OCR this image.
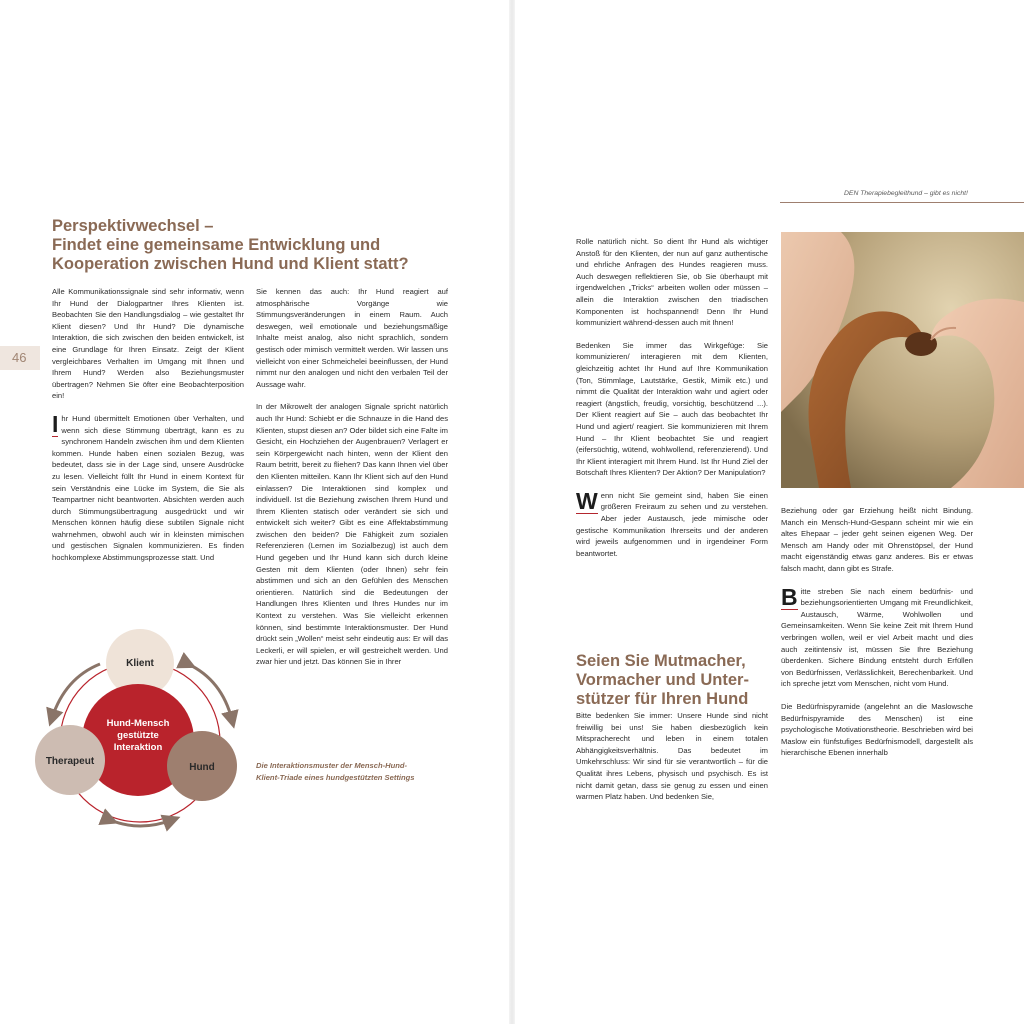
46
Perspektivwechsel –
Findet eine gemeinsame Entwicklung und
Kooperation zwischen Hund und Klient statt?

Alle Kommunikationssignale sind sehr informativ, wenn Ihr Hund der Dialogpartner Ihres Klienten ist. Beobachten Sie den Handlungsdialog – wie gestaltet Ihr Klient diesen? Und Ihr Hund? Die dynamische Interaktion, die sich zwischen den beiden entwickelt, ist eine Grundlage für Ihren Einsatz. Zeigt der Klient vergleichbares Verhalten im Umgang mit Ihnen und Ihrem Hund? Werden also Beziehungsmuster übertragen? Nehmen Sie öfter eine Beobachterposition ein!

I hr Hund übermittelt Emotionen über Verhalten, und wenn sich diese Stimmung überträgt, kann es zu synchronem Handeln zwischen ihm und dem Klienten kommen. Hunde haben einen sozialen Bezug, was bedeutet, dass sie in der Lage sind, unsere Ausdrücke zu lesen. Vielleicht füllt Ihr Hund in einem Kontext für sein Verständnis eine Lücke im System, die Sie als Teampartner nicht beantworten. Absichten werden auch durch Stimmungsübertragung ausgedrückt und wir Menschen können häufig diese subtilen Signale nicht wahrnehmen, obwohl auch wir in kleinsten mimischen und gestischen Signalen kommunizieren. Es finden hochkomplexe Abstimmungsprozesse statt. Und

Sie kennen das auch: Ihr Hund reagiert auf atmosphärische Vorgänge wie Stimmungsveränderungen in einem Raum. Auch deswegen, weil emotionale und beziehungsmäßige Inhalte meist analog, also nicht sprachlich, sondern gestisch oder mimisch vermittelt werden. Wir lassen uns vielleicht von einer Schmeichelei beeinflussen, der Hund nimmt nur den analogen und nicht den verbalen Teil der Aussage wahr.

In der Mikrowelt der analogen Signale spricht natürlich auch Ihr Hund: Schiebt er die Schnauze in die Hand des Klienten, stupst diesen an? Oder bildet sich eine Falte im Gesicht, ein Hochziehen der Augenbrauen? Verlagert er sein Körpergewicht nach hinten, wenn der Klient den Raum betritt, bereit zu fliehen? Das kann Ihnen viel über den Klienten mitteilen. Kann Ihr Klient sich auf den Hund einlassen? Die Interaktionen sind komplex und individuell. Ist die Beziehung zwischen Ihrem Hund und Ihrem Klienten statisch oder verändert sie sich und entwickelt sich weiter? Gibt es eine Affektabstimmung zwischen den beiden? Die Fähigkeit zum sozialen Referenzieren (Lernen im Sozialbezug) ist auch dem Hund gegeben und Ihr Hund kann sich durch kleine Gesten mit dem Klienten (oder Ihnen) sehr fein abstimmen und sich an den Gefühlen des Menschen orientieren. Natürlich sind die Bedeutungen der Handlungen Ihres Klienten und Ihres Hundes nur im Kontext zu verstehen. Was Sie vielleicht erkennen können, sind bestimmte Interaktionsmuster. Der Hund drückt sein „Wollen“ meist sehr eindeutig aus: Er will das Leckerli, er will spielen, er will gestreichelt werden. Und zwar hier und jetzt. Das können Sie in Ihrer

Klient
Hund-Mensch
gestützte
Interaktion
Therapeut
Hund	Die Interaktionsmuster der Mensch-Hund-Klient-Triade eines hundgestützten Settings
DEN Therapiebegleithund – gibt es nicht!

Rolle natürlich nicht. So dient Ihr Hund als wichtiger Anstoß für den Klienten, der nun auf ganz authentische und ehrliche Anfragen des Hundes reagieren muss. Auch deswegen reflektieren Sie, ob Sie überhaupt mit irgendwelchen „Tricks“ arbeiten wollen oder müssen – allein die Interaktion zwischen den triadischen Komponenten ist hochspannend! Denn Ihr Hund kommuniziert während-dessen auch mit Ihnen!

Bedenken Sie immer das Wirkgefüge: Sie kommunizieren/ interagieren mit dem Klienten, gleichzeitig achtet Ihr Hund auf Ihre Kommunikation (Ton, Stimmlage, Lautstärke, Gestik, Mimik etc.) und nimmt die Qualität der Interaktion wahr und agiert oder reagiert (ängstlich, freudig, vorsichtig, beschützend ...). Der Klient reagiert auf Sie – auch das beobachtet Ihr Hund und agiert/ reagiert. Sie kommunizieren mit Ihrem Hund – Ihr Klient beobachtet Sie und reagiert (eifersüchtig, wütend, wohlwollend, referenzierend). Und Ihr Klient interagiert mit Ihrem Hund. Ist Ihr Hund Ziel der Botschaft Ihres Klienten? Der Aktion? Der Manipulation?

W enn nicht Sie gemeint sind, haben Sie einen größeren Freiraum zu sehen und zu verstehen. Aber jeder Austausch, jede mimische oder gestische Kommunikation Ihrerseits und der anderen wird jeweils aufgenommen und in irgendeiner Form beantwortet.

Seien Sie Mutmacher,
Vormacher und Unter-
stützer für Ihren Hund

Bitte bedenken Sie immer: Unsere Hunde sind nicht freiwillig bei uns! Sie haben diesbezüglich kein Mitspracherecht und leben in einem totalen Abhängigkeitsverhältnis. Das bedeutet im Umkehrschluss: Wir sind für sie verantwortlich – für die Qualität ihres Lebens, physisch und psychisch. Es ist nicht damit getan, dass sie genug zu essen und einen warmen Platz haben. Und bedenken Sie,

Beziehung oder gar Erziehung heißt nicht Bindung. Manch ein Mensch-Hund-Gespann scheint mir wie ein altes Ehepaar – jeder geht seinen eigenen Weg. Der Mensch am Handy oder mit Ohrenstöpsel, der Hund macht eigenständig etwas ganz anderes. Bis er etwas falsch macht, dann gibt es Strafe.

B itte streben Sie nach einem bedürfnis- und beziehungsorientierten Umgang mit Freundlichkeit, Austausch, Wärme, Wohlwollen und Gemeinsamkeiten. Wenn Sie keine Zeit mit Ihrem Hund verbringen wollen, weil er viel Arbeit macht und dies auch zeitintensiv ist, müssen Sie Ihre Beziehung überdenken. Sichere Bindung entsteht durch Erfüllen von Bedürfnissen, Verlässlichkeit, Berechenbarkeit. Und ich spreche jetzt vom Menschen, nicht vom Hund.

Die Bedürfnispyramide (angelehnt an die Maslowsche Bedürfnispyramide des Menschen) ist eine psychologische Motivationstheorie. Beschrieben wird bei Maslow ein fünfstufiges Bedürfnismodell, dargestellt als hierarchische Ebenen innerhalb
